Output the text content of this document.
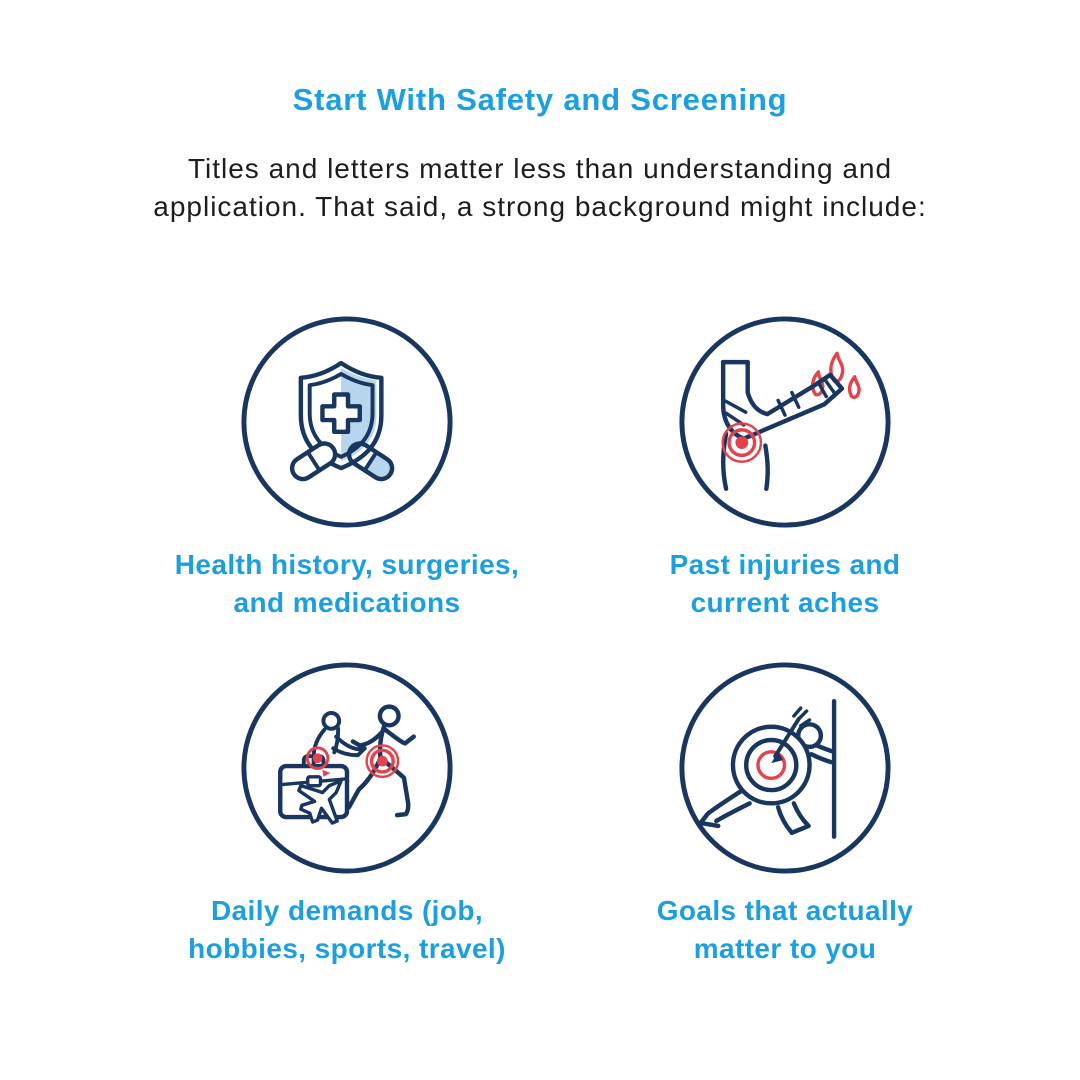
Start With Safety and Screening
Titles and letters matter less than understanding and
application. That said, a strong background might include:
Health history, surgeries,
and medications
Past injuries and
current aches
Daily demands (job,
hobbies, sports, travel)
Goals that actually
matter to you
